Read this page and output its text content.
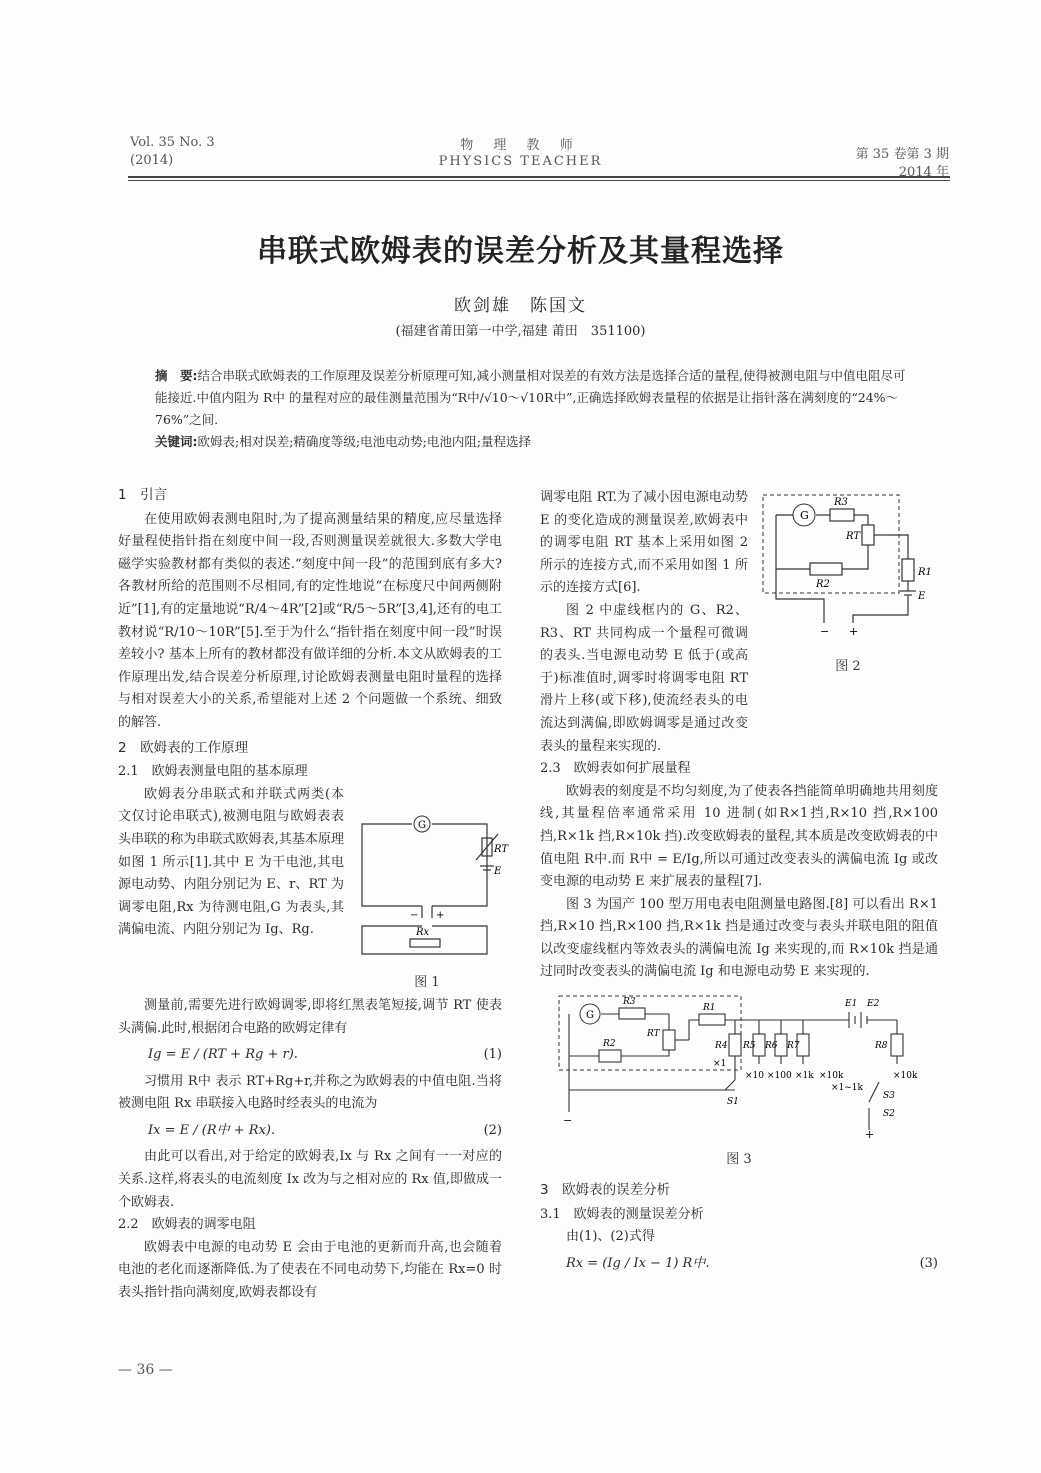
Vol. 35 No. 3
(2014)
物 理 教 师
PHYSICS TEACHER	第 35 卷第 3 期
2014 年
串联式欧姆表的误差分析及其量程选择
欧剑雄　陈国文
(福建省莆田第一中学,福建 莆田　351100)
摘　要:结合串联式欧姆表的工作原理及误差分析原理可知,减小测量相对误差的有效方法是选择合适的量程,使得被测电阻与中值电阻尽可能接近.中值内阻为 R中 的量程对应的最佳测量范围为“R中/√10～√10R中”,正确选择欧姆表量程的依据是让指针落在满刻度的“24%～76%”之间.
关键词:欧姆表;相对误差;精确度等级;电池电动势;电池内阻;量程选择
1　引言

在使用欧姆表测电阻时,为了提高测量结果的精度,应尽量选择好量程使指针指在刻度中间一段,否则测量误差就很大.多数大学电磁学实验教材都有类似的表述.“刻度中间一段”的范围到底有多大? 各教材所给的范围则不尽相同,有的定性地说“在标度尺中间两侧附近”[1],有的定量地说“R/4～4R”[2]或“R/5～5R”[3,4],还有的电工教材说“R/10～10R”[5].至于为什么“指针指在刻度中间一段”时误差较小? 基本上所有的教材都没有做详细的分析.本文从欧姆表的工作原理出发,结合误差分析原理,讨论欧姆表测量电阻时量程的选择与相对误差大小的关系,希望能对上述 2 个问题做一个系统、细致的解答.

2　欧姆表的工作原理
2.1　欧姆表测量电阻的基本原理

欧姆表分串联式和并联式两类(本文仅讨论串联式),被测电阻与欧姆表表头串联的称为串联式欧姆表,其基本原理如图 1 所示[1].其中 E 为干电池,其电源电动势、内阻分别记为 E、r、RT 为调零电阻,Rx 为待测电阻,G 为表头,其满偏电流、内阻分别记为 Ig、Rg.

G
RT
E
Rx
− +
图 1

测量前,需要先进行欧姆调零,即将红黑表笔短接,调节 RT 使表头满偏.此时,根据闭合电路的欧姆定律有

Ig = E / (RT + Rg + r).	(1)

习惯用 R中 表示 RT+Rg+r,并称之为欧姆表的中值电阻.当将被测电阻 Rx 串联接入电路时经表头的电流为

Ix = E / (R中 + Rx).	(2)

由此可以看出,对于给定的欧姆表,Ix 与 Rx 之间有一一对应的关系.这样,将表头的电流刻度 Ix 改为与之相对应的 Rx 值,即做成一个欧姆表.

2.2　欧姆表的调零电阻

欧姆表中电源的电动势 E 会由于电池的更新而升高,也会随着电池的老化而逐渐降低.为了使表在不同电动势下,均能在 Rx=0 时表头指针指向满刻度,欧姆表都设有

调零电阻 RT.为了减小因电源电动势 E 的变化造成的测量误差,欧姆表中的调零电阻 RT 基本上采用如图 2 所示的连接方式,而不采用如图 1 所示的连接方式[6].

图 2 中虚线框内的 G、R2、R3、RT 共同构成一个量程可微调的表头.当电源电动势 E 低于(或高于)标准值时,调零时将调零电阻 RT 滑片上移(或下移),使流经表头的电流达到满偏,即欧姆调零是通过改变表头的量程来实现的.

G
R3
RT
R2
R1
E
− +
图 2
2.3　欧姆表如何扩展量程

欧姆表的刻度是不均匀刻度,为了使表各挡能简单明确地共用刻度线,其量程倍率通常采用 10 进制(如R×1挡,R×10 挡,R×100 挡,R×1k 挡,R×10k 挡).改变欧姆表的量程,其本质是改变欧姆表的中值电阻 R中.而 R中 = E/Ig,所以可通过改变表头的满偏电流 Ig 或改变电源的电动势 E 来扩展表的量程[7].

图 3 为国产 100 型万用电表电阻测量电路图.[8] 可以看出 R×1 挡,R×10 挡,R×100 挡,R×1k 挡是通过改变与表头并联电阻的阻值以改变虚线框内等效表头的满偏电流 Ig 来实现的,而 R×10k 挡是通过同时改变表头的满偏电流 Ig 和电源电动势 E 来实现的.

G
R3
R1
RT
R2	R4 R5 R6 R7	R8
E1 E2
×1
×10 ×100 ×1k ×10k
×1~1k
×10k
S1
S3
S2
−
+
图 3
3　欧姆表的误差分析
3.1　欧姆表的测量误差分析

由(1)、(2)式得

Rx = (Ig / Ix − 1) R中.	(3)
— 36 —
